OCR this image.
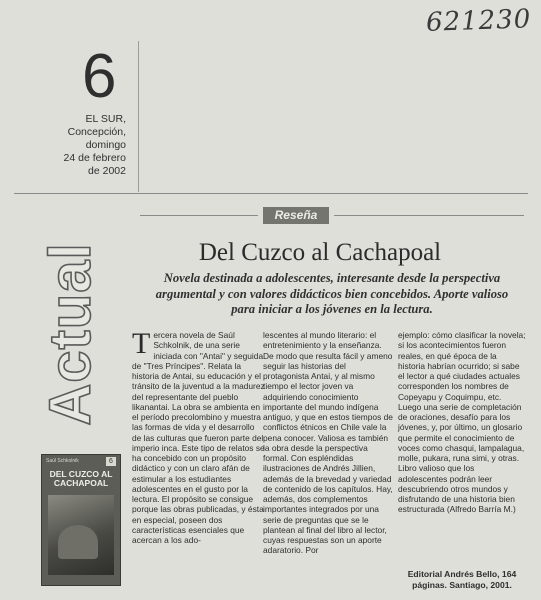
621230
6
EL SUR,
Concepción,
domingo
24 de febrero
de 2002
Actual
Reseña
Del Cuzco al Cachapoal
Novela destinada a adolescentes, interesante desde la perspectiva argumental y con valores didácticos bien concebidos. Aporte valioso para iniciar a los jóvenes en la lectura.
Tercera novela de Saúl Schkolnik, de una serie iniciada con "Antai" y seguida de "Tres Príncipes". Relata la historia de Antai, su educación y el tránsito de la juventud a la madurez del representante del pueblo likanantai. La obra se ambienta en el período precolombino y muestra las formas de vida y el desarrollo de las culturas que fueron parte del imperio inca. Este tipo de relatos se ha concebido con un propósito didáctico y con un claro afán de estimular a los estudiantes adolescentes en el gusto por la lectura. El propósito se consigue porque las obras publicadas, y ésta en especial, poseen dos características esenciales que acercan a los ado-
lescentes al mundo literario: el entretenimiento y la enseñanza. De modo que resulta fácil y ameno seguir las historias del protagonista Antai, y al mismo tiempo el lector joven va adquiriendo conocimiento importante del mundo indígena antiguo, y que en estos tiempos de conflictos étnicos en Chile vale la pena conocer. Valiosa es también la obra desde la perspectiva formal. Con espléndidas ilustraciones de Andrés Jillien, además de la brevedad y variedad de contenido de los capítulos. Hay, además, dos complementos importantes integrados por una serie de preguntas que se le plantean al final del libro al lector, cuyas respuestas son un aporte adaratorio. Por
ejemplo: cómo clasificar la novela; si los acontecimientos fueron reales, en qué época de la historia habrían ocurrido; si sabe el lector a qué ciudades actuales corresponden los nombres de Copeyapu y Coquimpu, etc. Luego una serie de completación de oraciones, desafío para los jóvenes, y, por último, un glosario que permite el conocimiento de voces como chasqui, lampalagua, molle, pukara, runa simi, y otras. Libro valioso que los adolescentes podrán leer descubriendo otros mundos y disfrutando de una historia bien estructurada (Alfredo Barría M.)
Editorial Andrés Bello, 164 páginas. Santiago, 2001.
Saúl Schkolnik	6
DEL CUZCO AL CACHAPOAL
